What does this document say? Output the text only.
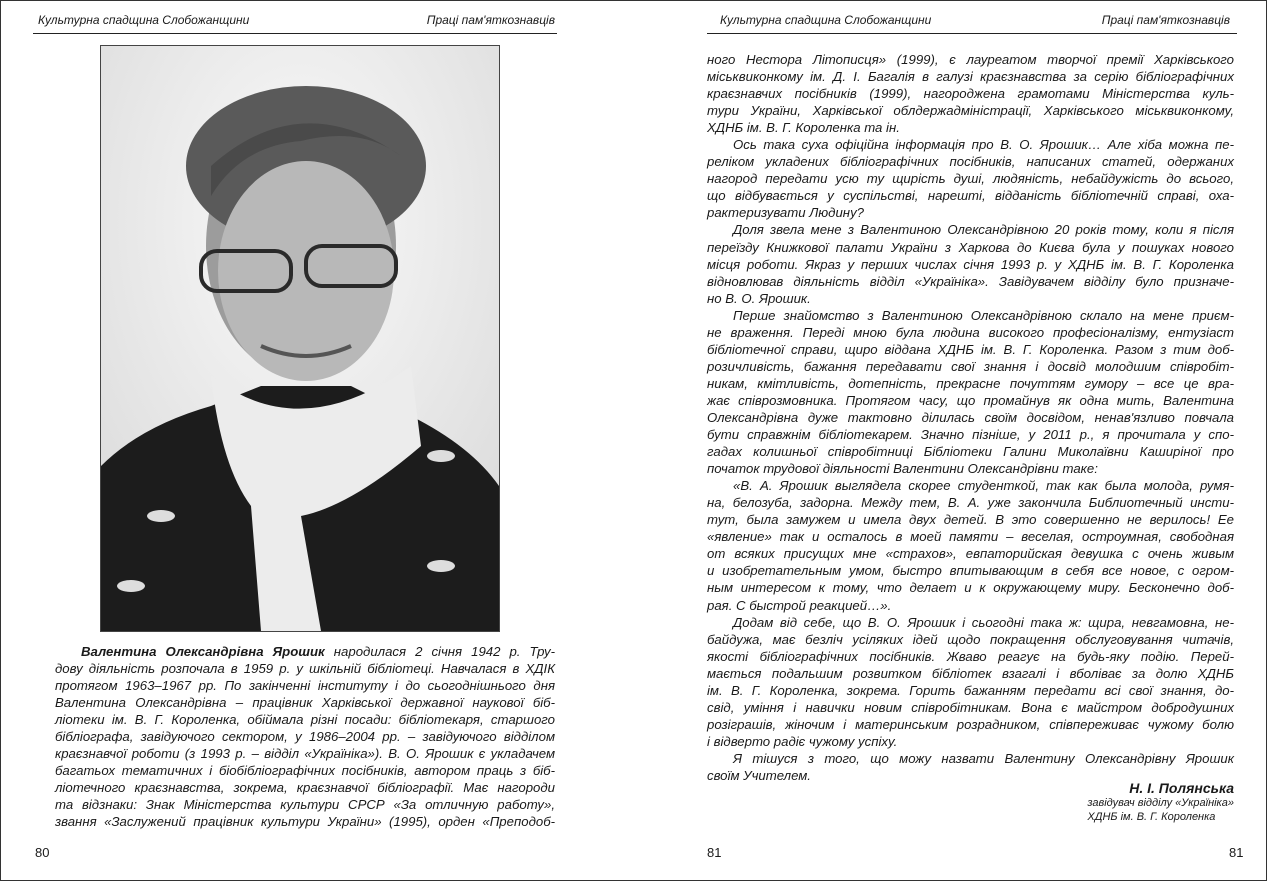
Культурна спадщина Слобожанщини	Праці пам'яткознавців
Валентина Олександрівна Ярошик народилася 2 січня 1942 р. Тру-
дову діяльність розпочала в 1959 р. у шкільній бібліотеці. Навчалася в ХДІК
протягом 1963–1967 рр. По закінченні інституту і до сьогоднішнього дня
Валентина Олександрівна – працівник Харківської державної наукової біб-
ліотеки ім. В. Г. Короленка, обіймала різні посади: бібліотекаря, старшого
бібліографа, завідуючого сектором, у 1986–2004 рр. – завідуючого відділом
краєзнавчої роботи (з 1993 р. – відділ «Україніка»). В. О. Ярошик є укладачем
багатьох тематичних і біобібліографічних посібників, автором праць з біб-
ліотечного краєзнавства, зокрема, краєзнавчої бібліографії. Має нагороди
та відзнаки: Знак Міністерства культури СРСР «За отличную работу»,
звання «Заслужений працівник культури України» (1995), орден «Преподоб-
80
Культурна спадщина Слобожанщини	Праці пам'яткознавців
ного Нестора Літописця» (1999), є лауреатом творчої премії Харківського
міськвиконкому ім. Д. І. Багалія в галузі краєзнавства за серію бібліографічних
краєзнавчих посібників (1999), нагороджена грамотами Міністерства куль-
тури України, Харківської облдержадміністрації, Харківського міськвиконкому,
ХДНБ ім. В. Г. Короленка та ін.
Ось така суха офіційна інформація про В. О. Ярошик… Але хіба можна пе-
реліком укладених бібліографічних посібників, написаних статей, одержаних
нагород передати усю ту щирість душі, людяність, небайдужість до всього,
що відбувається у суспільстві, нарешті, відданість бібліотечній справі, оха-
рактеризувати Людину?
Доля звела мене з Валентиною Олександрівною 20 років тому, коли я після
переїзду Книжкової палати України з Харкова до Києва була у пошуках нового
місця роботи. Якраз у перших числах січня 1993 р. у ХДНБ ім. В. Г. Короленка
відновлював діяльність відділ «Україніка». Завідувачем відділу було призначе-
но В. О. Ярошик.
Перше знайомство з Валентиною Олександрівною склало на мене приєм-
не враження. Переді мною була людина високого професіоналізму, ентузіаст
бібліотечної справи, щиро віддана ХДНБ ім. В. Г. Короленка. Разом з тим доб-
розичливість, бажання передавати свої знання і досвід молодшим співробіт-
никам, кмітливість, дотепність, прекрасне почуттям гумору – все це вра-
жає співрозмовника. Протягом часу, що промайнув як одна мить, Валентина
Олександрівна дуже тактовно ділилась своїм досвідом, ненав'язливо повчала
бути справжнім бібліотекарем. Значно пізніше, у 2011 р., я прочитала у спо-
гадах колишньої співробітниці Бібліотеки Галини Миколаївни Каширіної про
початок трудової діяльності Валентини Олександрівни таке:
«В. А. Ярошик выглядела скорее студенткой, так как была молода, румя-
на, белозуба, задорна. Между тем, В. А. уже закончила Библиотечный инсти-
тут, была замужем и имела двух детей. В это совершенно не верилось! Ее
«явление» так и осталось в моей памяти – веселая, остроумная, свободная
от всяких присущих мне «страхов», евпаторийская девушка с очень живым
и изобретательным умом, быстро впитывающим в себя все новое, с огром-
ным интересом к тому, что делает и к окружающему миру. Бесконечно доб-
рая. С быстрой реакцией…».
Додам від себе, що В. О. Ярошик і сьогодні така ж: щира, невгамовна, не-
байдужа, має безліч усіляких ідей щодо покращення обслуговування читачів,
якості бібліографічних посібників. Жваво реагує на будь-яку подію. Перей-
мається подальшим розвитком бібліотек взагалі і вболіває за долю ХДНБ
ім. В. Г. Короленка, зокрема. Горить бажанням передати всі свої знання, до-
свід, уміння і навички новим співробітникам. Вона є майстром добродушних
розіграшів, жіночим і материнським розрадником, співпереживає чужому болю
і відверто радіє чужому успіху.
Я тішуся з того, що можу назвати Валентину Олександрівну Ярошик
своїм Учителем.
Н. І. Полянська
завідувач відділу «Україніка»
ХДНБ ім. В. Г. Короленка
81	81
